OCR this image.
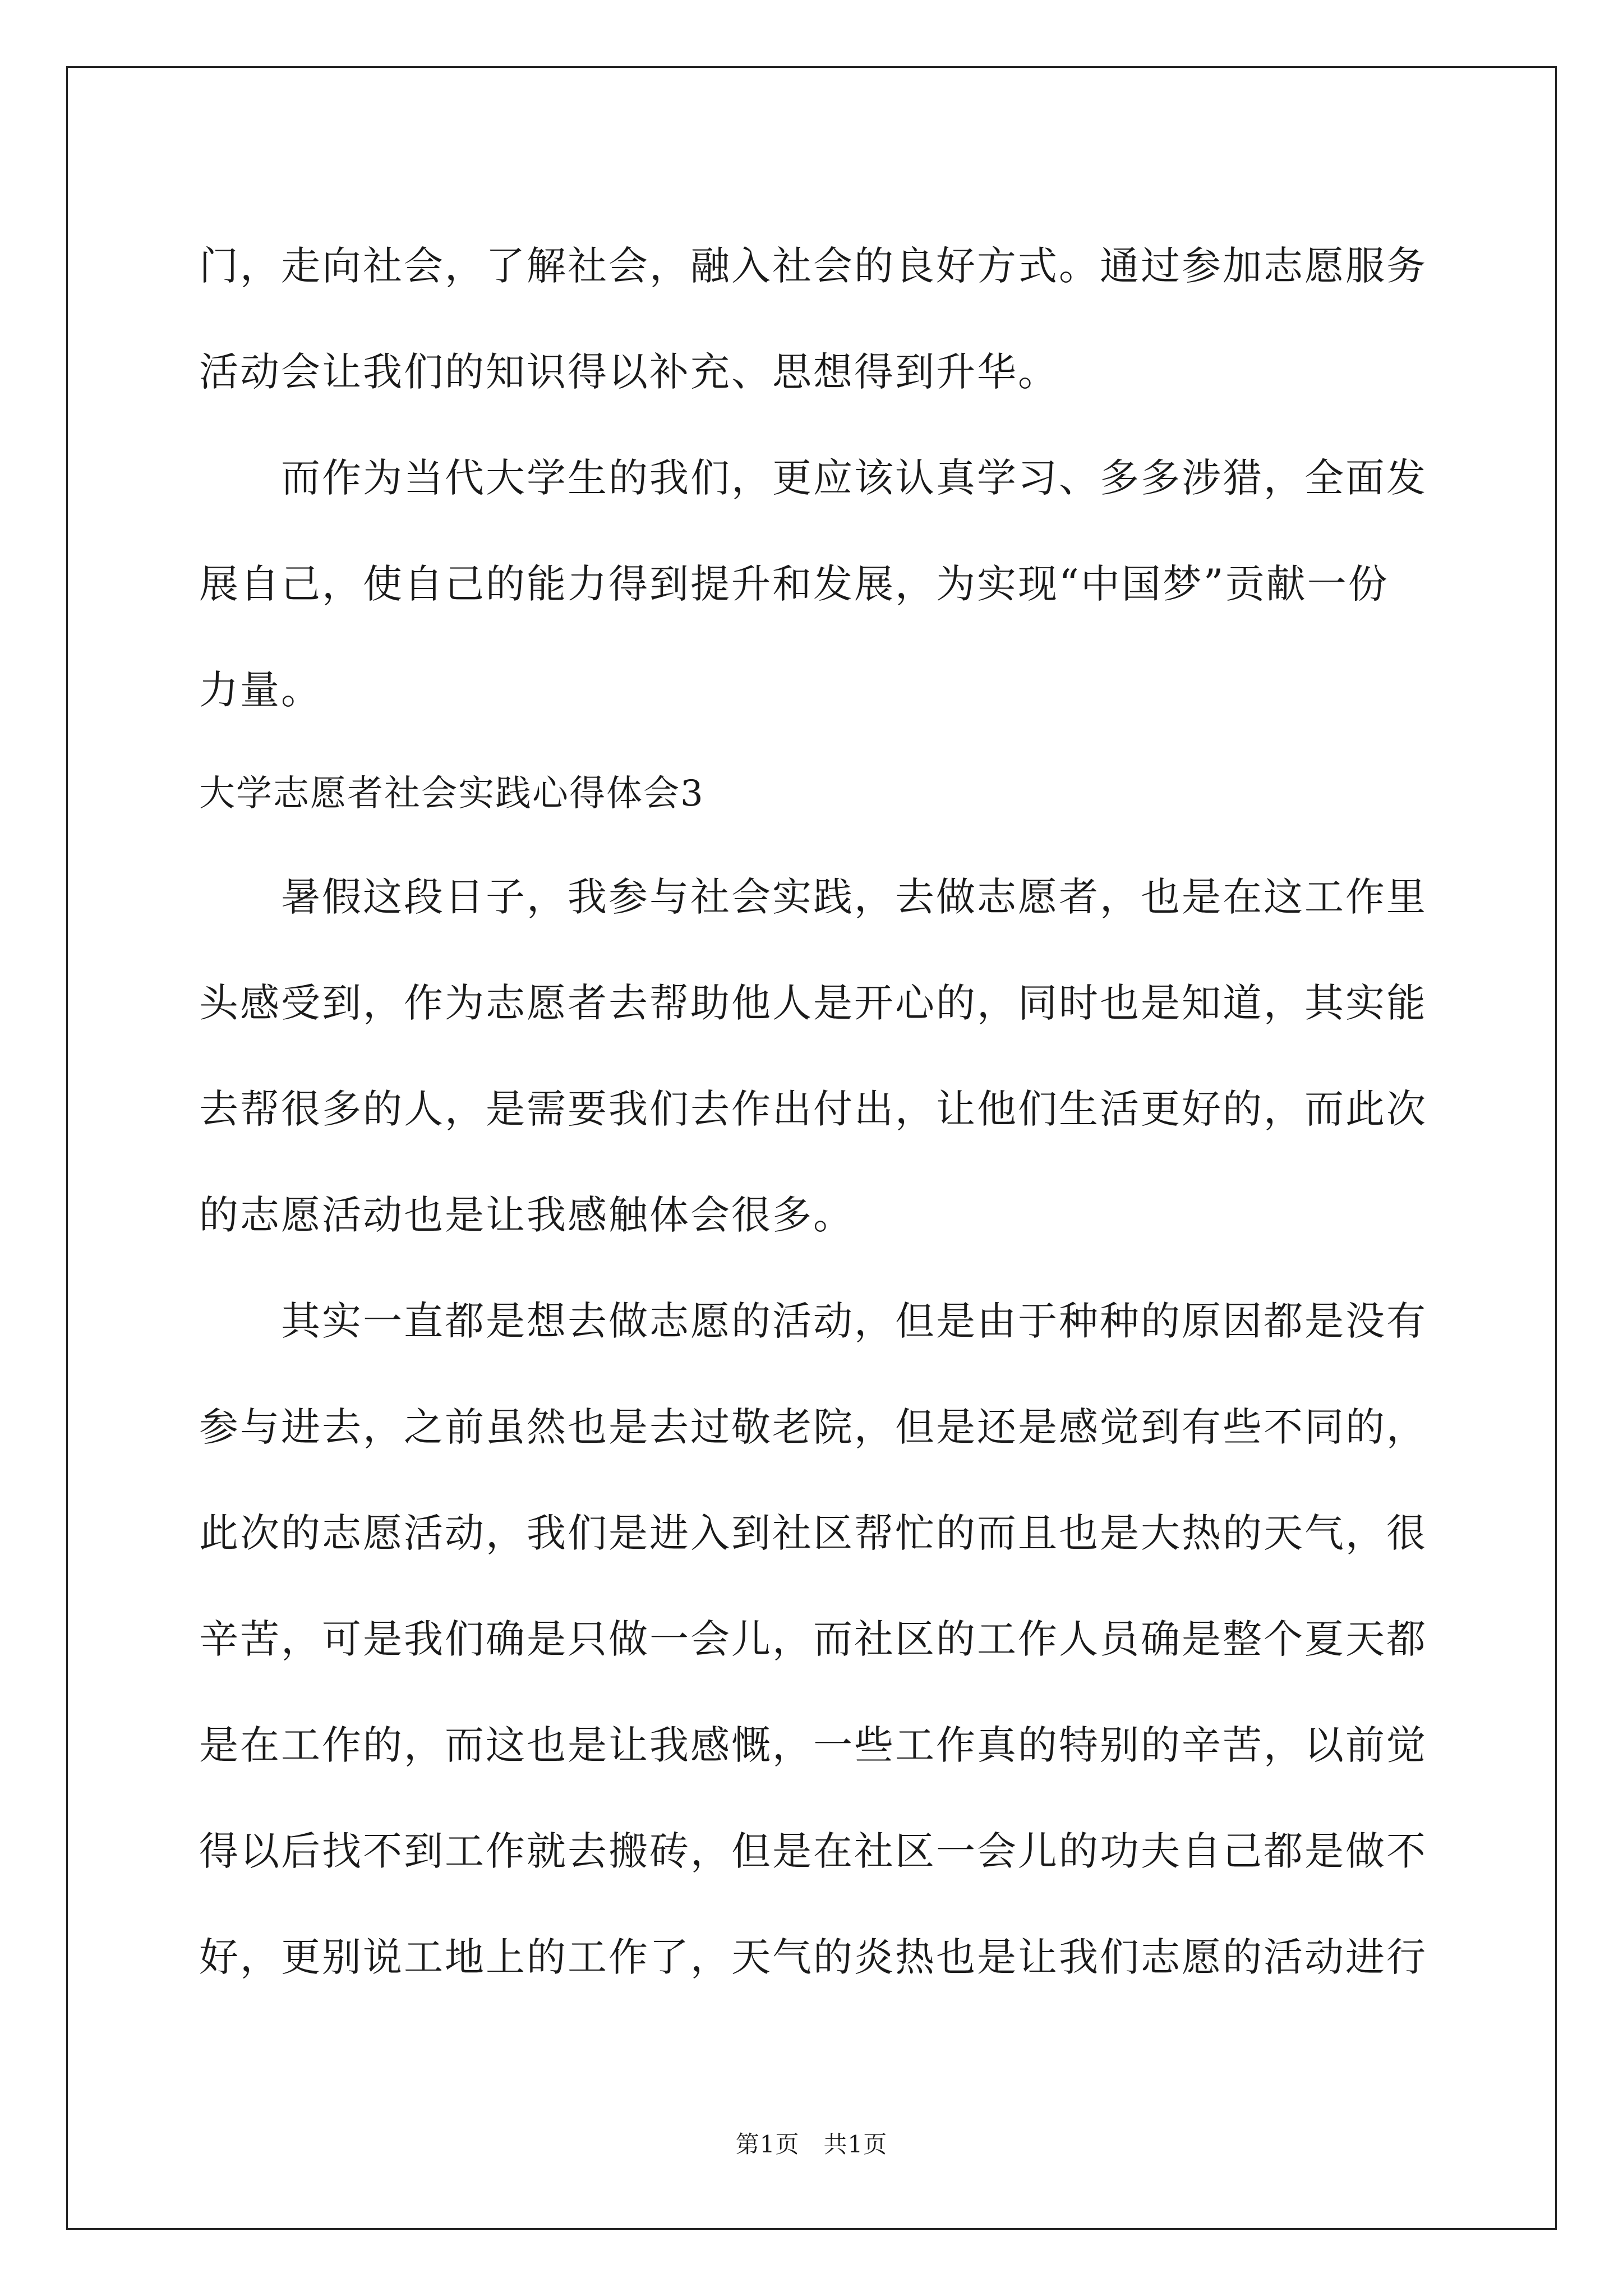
门，走向社会，了解社会，融入社会的良好方式。通过参加志愿服务
活动会让我们的知识得以补充、思想得到升华。
而作为当代大学生的我们，更应该认真学习、多多涉猎，全面发
展自己，使自己的能力得到提升和发展，为实现“中国梦”贡献一份
力量。
大学志愿者社会实践心得体会3
暑假这段日子，我参与社会实践，去做志愿者，也是在这工作里
头感受到，作为志愿者去帮助他人是开心的，同时也是知道，其实能
去帮很多的人，是需要我们去作出付出，让他们生活更好的，而此次
的志愿活动也是让我感触体会很多。
其实一直都是想去做志愿的活动，但是由于种种的原因都是没有
参与进去，之前虽然也是去过敬老院，但是还是感觉到有些不同的，
此次的志愿活动，我们是进入到社区帮忙的而且也是大热的天气，很
辛苦，可是我们确是只做一会儿，而社区的工作人员确是整个夏天都
是在工作的，而这也是让我感慨，一些工作真的特别的辛苦，以前觉
得以后找不到工作就去搬砖，但是在社区一会儿的功夫自己都是做不
好，更别说工地上的工作了，天气的炎热也是让我们志愿的活动进行
第1页　共1页
